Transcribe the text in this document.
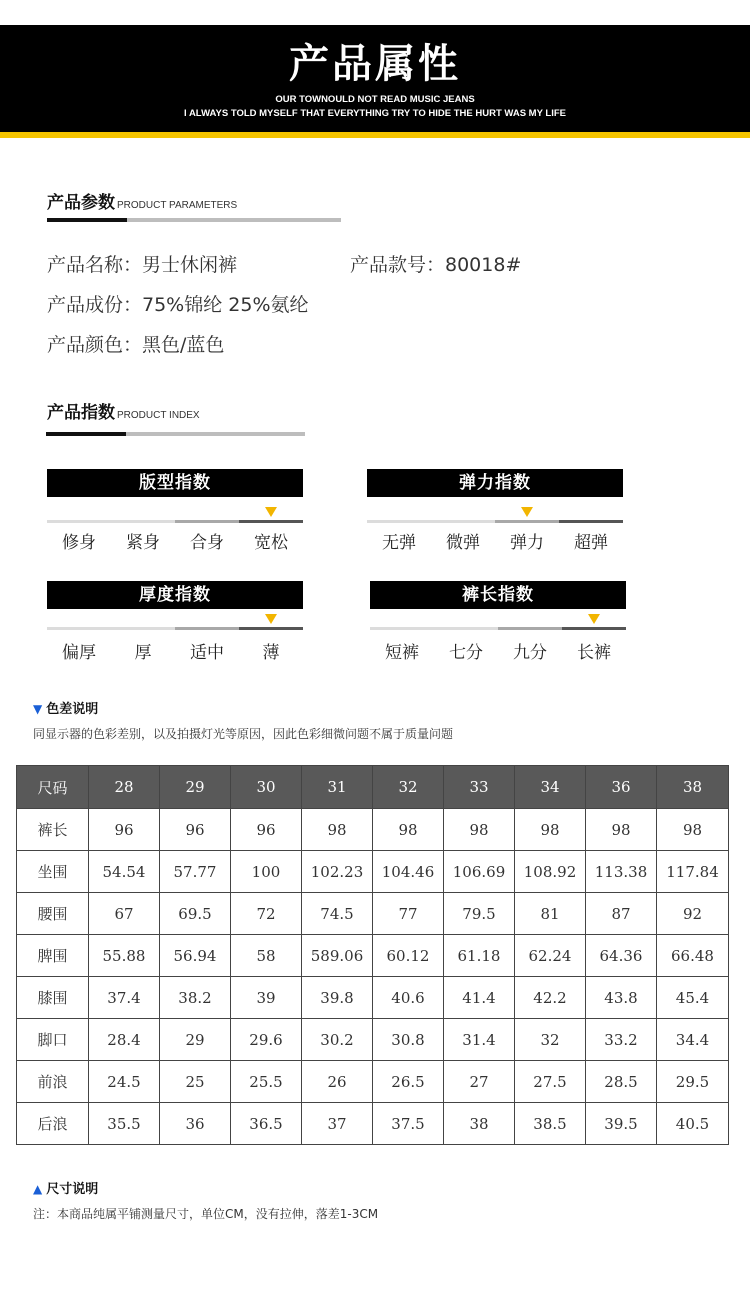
产品属性
OUR TOWNOULD NOT READ MUSIC JEANS
I ALWAYS TOLD MYSELF THAT EVERYTHING TRY TO HIDE THE HURT WAS MY LIFE
产品参数 PRODUCT PARAMETERS
产品名称：男士休闲裤	产品款号：80018#
产品成份：75%锦纶 25%氨纶
产品颜色：黑色/蓝色
产品指数 PRODUCT INDEX
版型指数
修身	紧身	合身	宽松
弹力指数
无弹	微弹	弹力	超弹
厚度指数
偏厚	厚	适中	薄
裤长指数
短裤	七分	九分	长裤
▼ 色差说明
同显示器的色彩差别，以及拍摄灯光等原因，因此色彩细微问题不属于质量问题
尺码	28	29	30	31	32	33	34	36	38
裤长	96	96	96	98	98	98	98	98	98
坐围	54.54	57.77	100	102.23	104.46	106.69	108.92	113.38	117.84
腰围	67	69.5	72	74.5	77	79.5	81	87	92
脾围	55.88	56.94	58	589.06	60.12	61.18	62.24	64.36	66.48
膝围	37.4	38.2	39	39.8	40.6	41.4	42.2	43.8	45.4
脚口	28.4	29	29.6	30.2	30.8	31.4	32	33.2	34.4
前浪	24.5	25	25.5	26	26.5	27	27.5	28.5	29.5
后浪	35.5	36	36.5	37	37.5	38	38.5	39.5	40.5
▲ 尺寸说明
注：本商品纯属平铺测量尺寸，单位CM，没有拉伸，落差1-3CM
